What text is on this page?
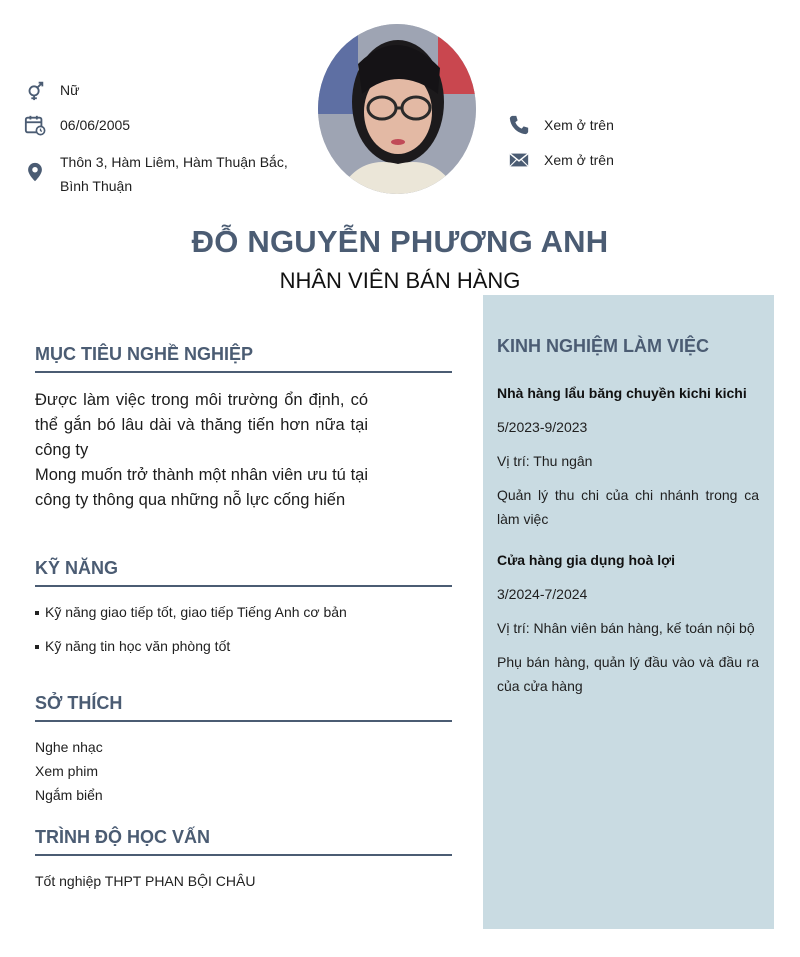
Nữ
06/06/2005
Thôn 3, Hàm Liêm, Hàm Thuận Bắc, Bình Thuận
Xem ở trên
Xem ở trên
ĐỖ NGUYỄN PHƯƠNG ANH
NHÂN VIÊN BÁN HÀNG
MỤC TIÊU NGHỀ NGHIỆP

Được làm việc trong môi trường ổn định, có thể gắn bó lâu dài và thăng tiến hơn nữa tại công ty

Mong muốn trở thành một nhân viên ưu tú tại công ty thông qua những nỗ lực cống hiến

KỸ NĂNG
Kỹ năng giao tiếp tốt, giao tiếp Tiếng Anh cơ bản
Kỹ năng tin học văn phòng tốt
SỞ THÍCH
Nghe nhạc
Xem phim
Ngắm biển
TRÌNH ĐỘ HỌC VẤN
Tốt nghiệp THPT PHAN BỘI CHÂU
KINH NGHIỆM LÀM VIỆC
Nhà hàng lẩu băng chuyền kichi kichi
5/2023-9/2023
Vị trí: Thu ngân
Quản lý thu chi của chi nhánh trong ca làm việc
Cửa hàng gia dụng hoà lợi
3/2024-7/2024
Vị trí: Nhân viên bán hàng, kế toán nội bộ
Phụ bán hàng, quản lý đầu vào và đầu ra của cửa hàng
